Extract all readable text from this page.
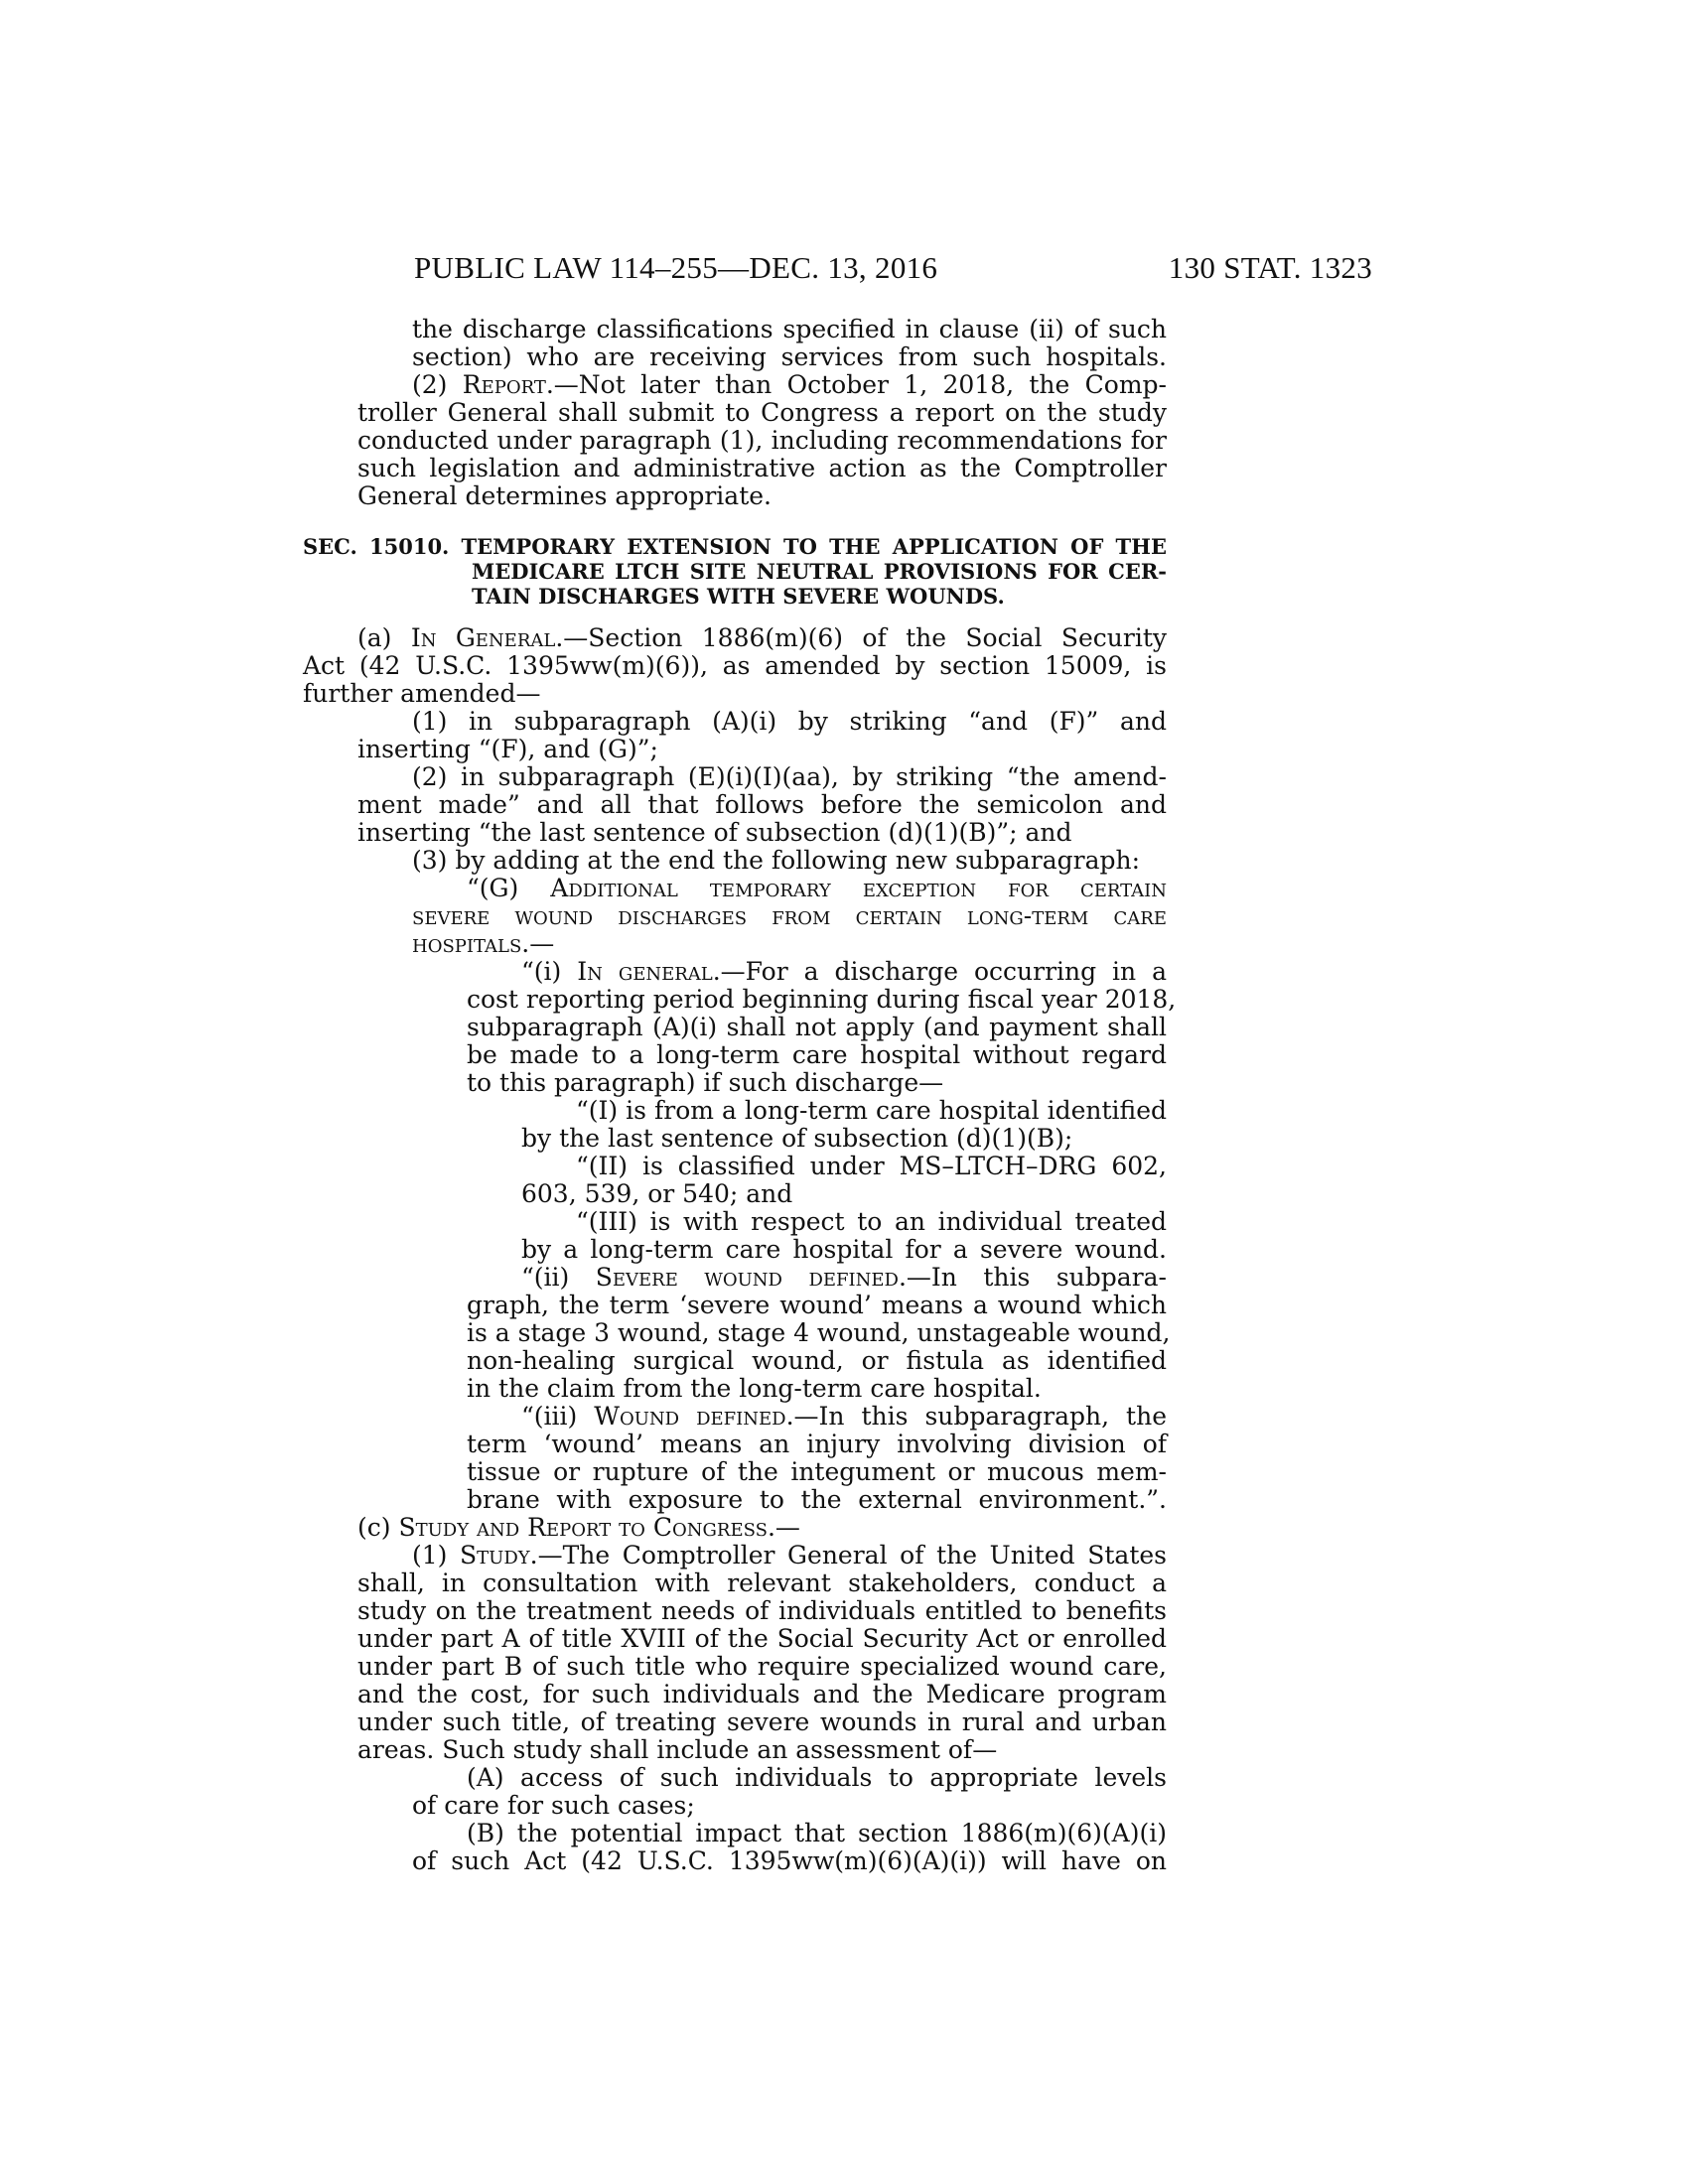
PUBLIC LAW 114–255—DEC. 13, 2016	130 STAT. 1323
the discharge classifications specified in clause (ii) of such
section) who are receiving services from such hospitals.
(2) Report.—Not later than October 1, 2018, the Comp-
troller General shall submit to Congress a report on the study
conducted under paragraph (1), including recommendations for
such legislation and administrative action as the Comptroller
General determines appropriate.
SEC. 15010. TEMPORARY EXTENSION TO THE APPLICATION OF THE
MEDICARE LTCH SITE NEUTRAL PROVISIONS FOR CER-
TAIN DISCHARGES WITH SEVERE WOUNDS.
(a) In General.—Section 1886(m)(6) of the Social Security
Act (42 U.S.C. 1395ww(m)(6)), as amended by section 15009, is
further amended—
(1) in subparagraph (A)(i) by striking “and (F)” and
inserting “(F), and (G)”;
(2) in subparagraph (E)(i)(I)(aa), by striking “the amend-
ment made” and all that follows before the semicolon and
inserting “the last sentence of subsection (d)(1)(B)”; and
(3) by adding at the end the following new subparagraph:
“(G) Additional temporary exception for certain
severe wound discharges from certain long-term care
hospitals.—
“(i) In general.—For a discharge occurring in a
cost reporting period beginning during fiscal year 2018,
subparagraph (A)(i) shall not apply (and payment shall
be made to a long-term care hospital without regard
to this paragraph) if such discharge—
“(I) is from a long-term care hospital identified
by the last sentence of subsection (d)(1)(B);
“(II) is classified under MS–LTCH–DRG 602,
603, 539, or 540; and
“(III) is with respect to an individual treated
by a long-term care hospital for a severe wound.
“(ii) Severe wound defined.—In this subpara-
graph, the term ‘severe wound’ means a wound which
is a stage 3 wound, stage 4 wound, unstageable wound,
non-healing surgical wound, or fistula as identified
in the claim from the long-term care hospital.
“(iii) Wound defined.—In this subparagraph, the
term ‘wound’ means an injury involving division of
tissue or rupture of the integument or mucous mem-
brane with exposure to the external environment.”.
(c) Study and Report to Congress.—
(1) Study.—The Comptroller General of the United States
shall, in consultation with relevant stakeholders, conduct a
study on the treatment needs of individuals entitled to benefits
under part A of title XVIII of the Social Security Act or enrolled
under part B of such title who require specialized wound care,
and the cost, for such individuals and the Medicare program
under such title, of treating severe wounds in rural and urban
areas. Such study shall include an assessment of—
(A) access of such individuals to appropriate levels
of care for such cases;
(B) the potential impact that section 1886(m)(6)(A)(i)
of such Act (42 U.S.C. 1395ww(m)(6)(A)(i)) will have on
